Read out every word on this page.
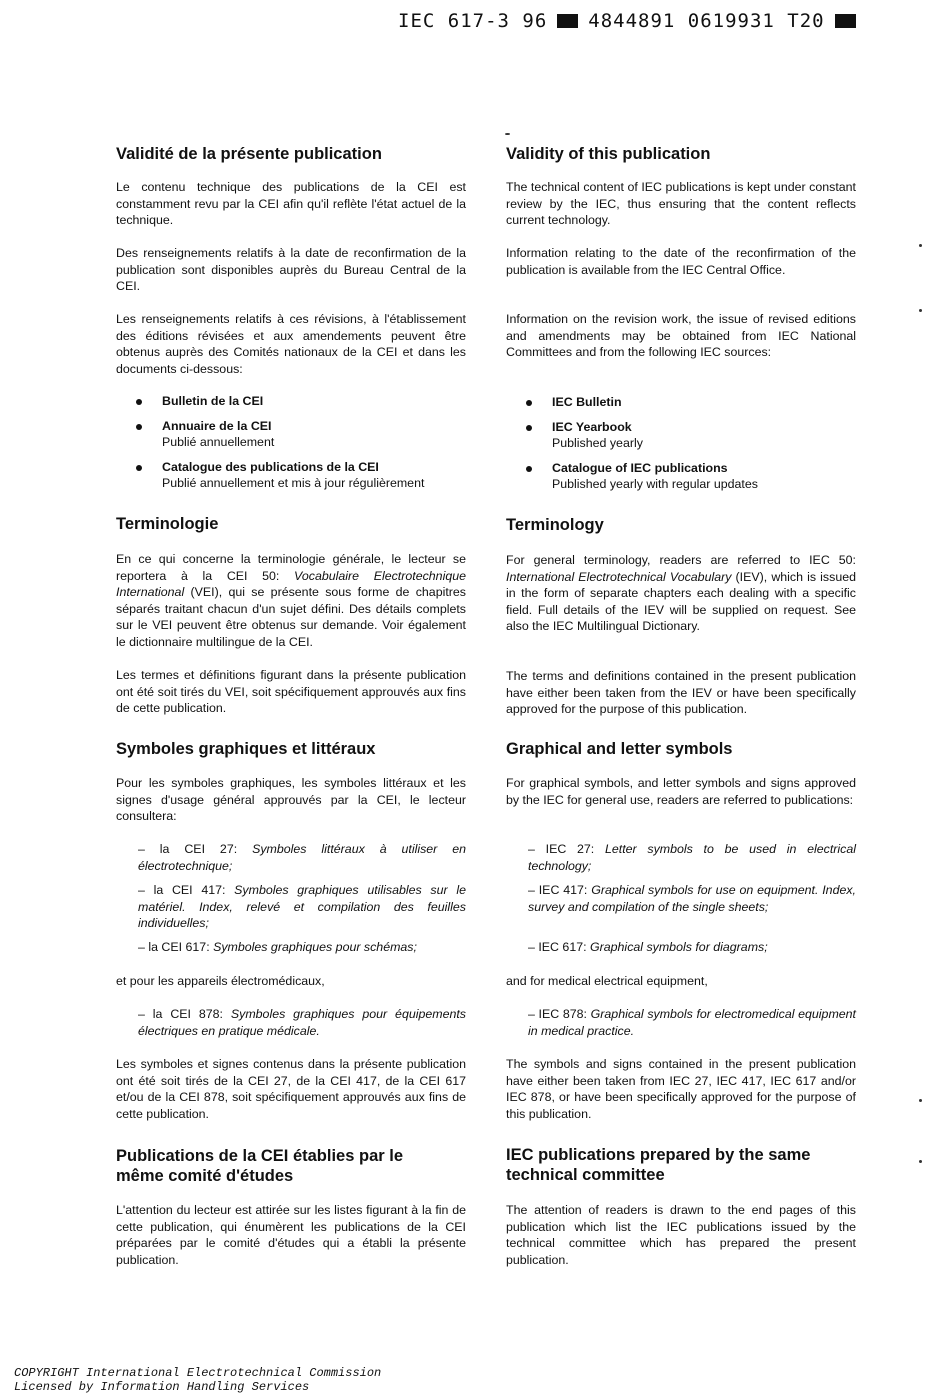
IEC 617-3 96 4844891 0619931 T20
Validité de la présente publication

Le contenu technique des publications de la CEI est constamment revu par la CEI afin qu'il reflète l'état actuel de la technique.

Des renseignements relatifs à la date de reconfirmation de la publication sont disponibles auprès du Bureau Central de la CEI.

Les renseignements relatifs à ces révisions, à l'établissement des éditions révisées et aux amendements peuvent être obtenus auprès des Comités nationaux de la CEI et dans les documents ci-dessous:

Bulletin de la CEI
Annuaire de la CEI
Publié annuellement
Catalogue des publications de la CEI
Publié annuellement et mis à jour régulièrement
Terminologie

En ce qui concerne la terminologie générale, le lecteur se reportera à la CEI 50: Vocabulaire Electrotechnique International (VEI), qui se présente sous forme de chapitres séparés traitant chacun d'un sujet défini. Des détails complets sur le VEI peuvent être obtenus sur demande. Voir également le dictionnaire multilingue de la CEI.

Les termes et définitions figurant dans la présente publication ont été soit tirés du VEI, soit spécifiquement approuvés aux fins de cette publication.

Symboles graphiques et littéraux

Pour les symboles graphiques, les symboles littéraux et les signes d'usage général approuvés par la CEI, le lecteur consultera:

– la CEI 27: Symboles littéraux à utiliser en électrotechnique;
– la CEI 417: Symboles graphiques utilisables sur le matériel. Index, relevé et compilation des feuilles individuelles;
– la CEI 617: Symboles graphiques pour schémas;

et pour les appareils électromédicaux,

– la CEI 878: Symboles graphiques pour équipements électriques en pratique médicale.

Les symboles et signes contenus dans la présente publication ont été soit tirés de la CEI 27, de la CEI 417, de la CEI 617 et/ou de la CEI 878, soit spécifiquement approuvés aux fins de cette publication.

Publications de la CEI établies par le même comité d'études

L'attention du lecteur est attirée sur les listes figurant à la fin de cette publication, qui énumèrent les publications de la CEI préparées par le comité d'études qui a établi la présente publication.

Validity of this publication

The technical content of IEC publications is kept under constant review by the IEC, thus ensuring that the content reflects current technology.

Information relating to the date of the reconfirmation of the publication is available from the IEC Central Office.

Information on the revision work, the issue of revised editions and amendments may be obtained from IEC National Committees and from the following IEC sources:

IEC Bulletin
IEC Yearbook
Published yearly
Catalogue of IEC publications
Published yearly with regular updates
Terminology

For general terminology, readers are referred to IEC 50: International Electrotechnical Vocabulary (IEV), which is issued in the form of separate chapters each dealing with a specific field. Full details of the IEV will be supplied on request. See also the IEC Multilingual Dictionary.

The terms and definitions contained in the present publication have either been taken from the IEV or have been specifically approved for the purpose of this publication.

Graphical and letter symbols

For graphical symbols, and letter symbols and signs approved by the IEC for general use, readers are referred to publications:

– IEC 27: Letter symbols to be used in electrical technology;
– IEC 417: Graphical symbols for use on equipment. Index, survey and compilation of the single sheets;
– IEC 617: Graphical symbols for diagrams;

and for medical electrical equipment,

– IEC 878: Graphical symbols for electromedical equipment in medical practice.

The symbols and signs contained in the present publication have either been taken from IEC 27, IEC 417, IEC 617 and/or IEC 878, or have been specifically approved for the purpose of this publication.

IEC publications prepared by the same technical committee

The attention of readers is drawn to the end pages of this publication which list the IEC publications issued by the technical committee which has prepared the present publication.

COPYRIGHT International Electrotechnical Commission
Licensed by Information Handling Services
